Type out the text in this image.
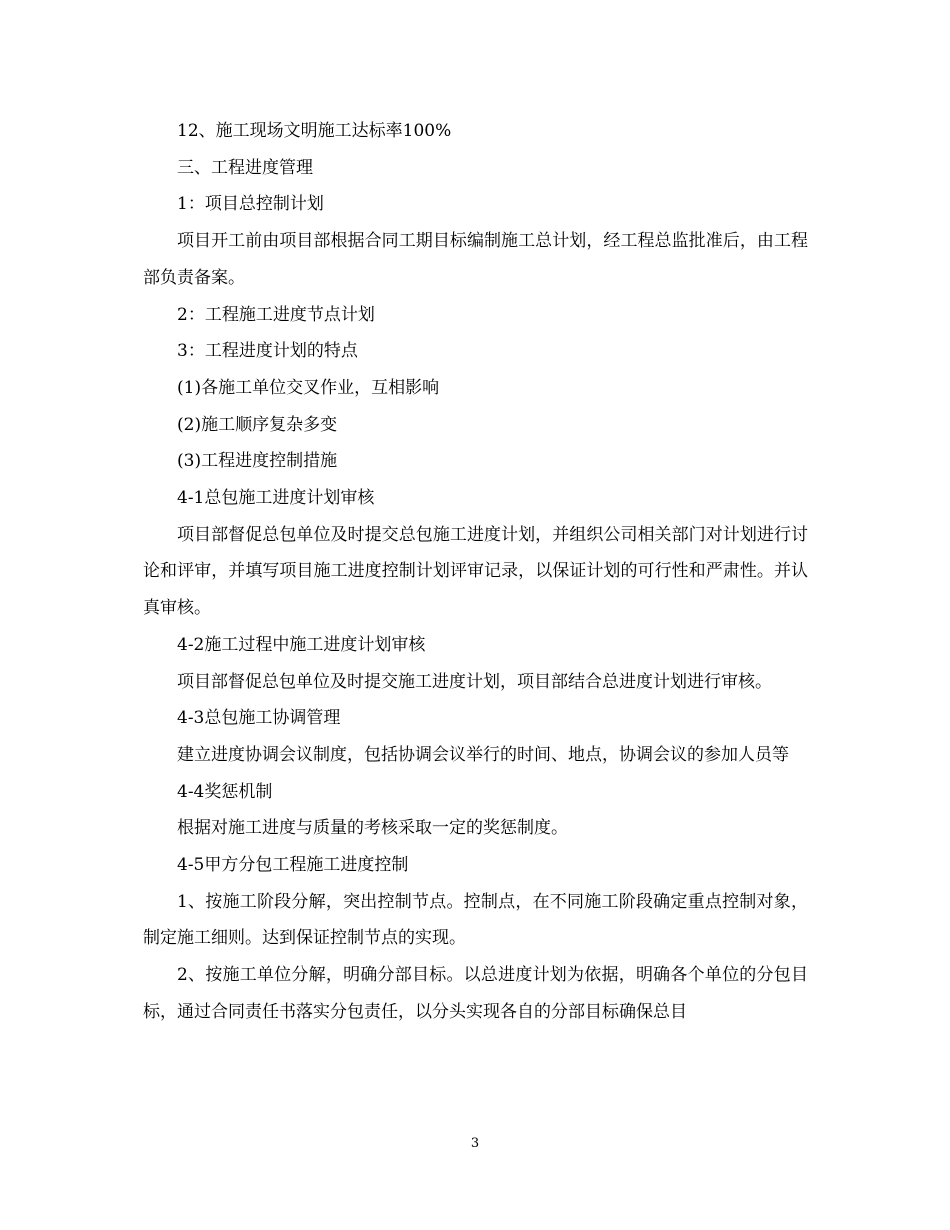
12、施工现场文明施工达标率100%

三、工程进度管理

1：项目总控制计划

项目开工前由项目部根据合同工期目标编制施工总计划，经工程总监批准后，由工程部负责备案。

2：工程施工进度节点计划

3：工程进度计划的特点

(1)各施工单位交叉作业，互相影响

(2)施工顺序复杂多变

(3)工程进度控制措施

4-1总包施工进度计划审核

项目部督促总包单位及时提交总包施工进度计划，并组织公司相关部门对计划进行讨论和评审，并填写项目施工进度控制计划评审记录，以保证计划的可行性和严肃性。并认真审核。

4-2施工过程中施工进度计划审核

项目部督促总包单位及时提交施工进度计划，项目部结合总进度计划进行审核。

4-3总包施工协调管理

建立进度协调会议制度，包括协调会议举行的时间、地点，协调会议的参加人员等

4-4奖惩机制

根据对施工进度与质量的考核采取一定的奖惩制度。

4-5甲方分包工程施工进度控制

1、按施工阶段分解，突出控制节点。控制点，在不同施工阶段确定重点控制对象，制定施工细则。达到保证控制节点的实现。

2、按施工单位分解，明确分部目标。以总进度计划为依据，明确各个单位的分包目标，通过合同责任书落实分包责任，以分头实现各自的分部目标确保总目

3
